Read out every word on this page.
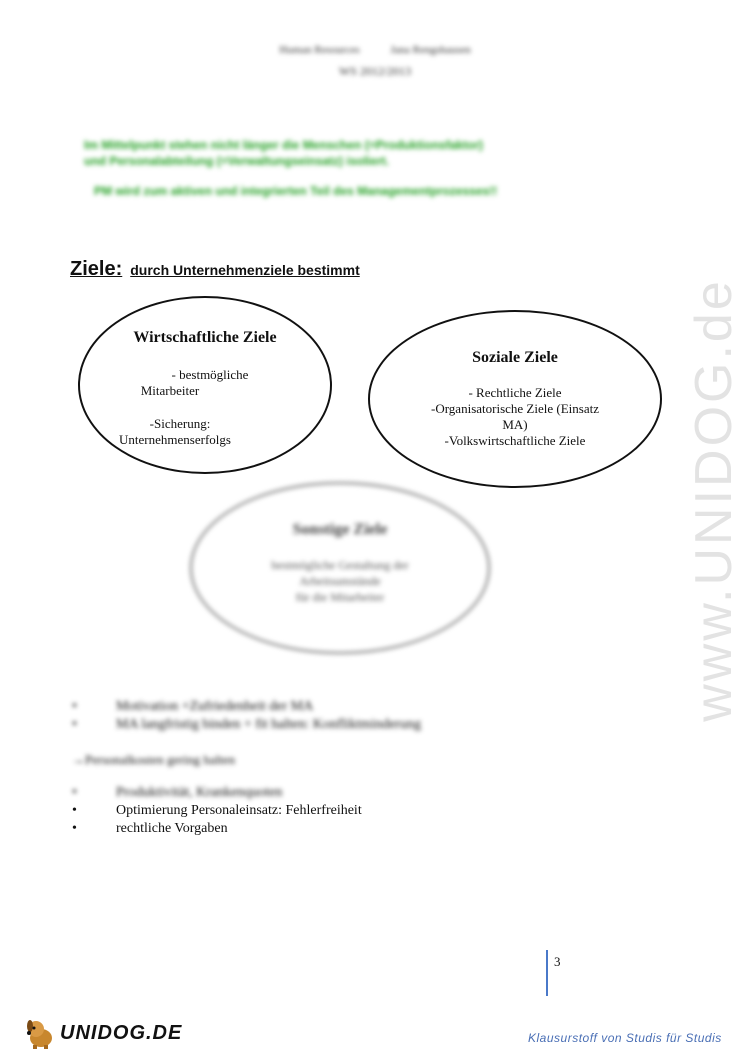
www.UNIDOG.de
Human Resources	Jana Rengshausen
WS 2012/2013
Im Mittelpunkt stehen nicht länger die Menschen (=Produktionsfaktor)
und Personalabteilung (=Verwaltungseinsatz) isoliert.
PM wird zum aktiven und integrierten Teil des Managementprozesses!!
Ziele: durch Unternehmenziele bestimmt
Wirtschaftliche Ziele
- bestmögliche
Mitarbeiter
-Sicherung:
Unternehmenserfolgs
Soziale Ziele
- Rechtliche Ziele
-Organisatorische Ziele (Einsatz
MA)
-Volkswirtschaftliche Ziele
Sonstige Ziele
bestmögliche Gestaltung der
Arbeitsumstände
für die Mitarbeiter
•	Motivation +Zufriedenheit der MA
•	MA langfristig binden + fit halten: Konfliktminderung
→Personalkosten gering halten
•	Produktivität, Krankenquoten
•	Optimierung Personaleinsatz: Fehlerfreiheit
•	rechtliche Vorgaben
3
UNIDOG.DE	Klausurstoff von Studis für Studis
